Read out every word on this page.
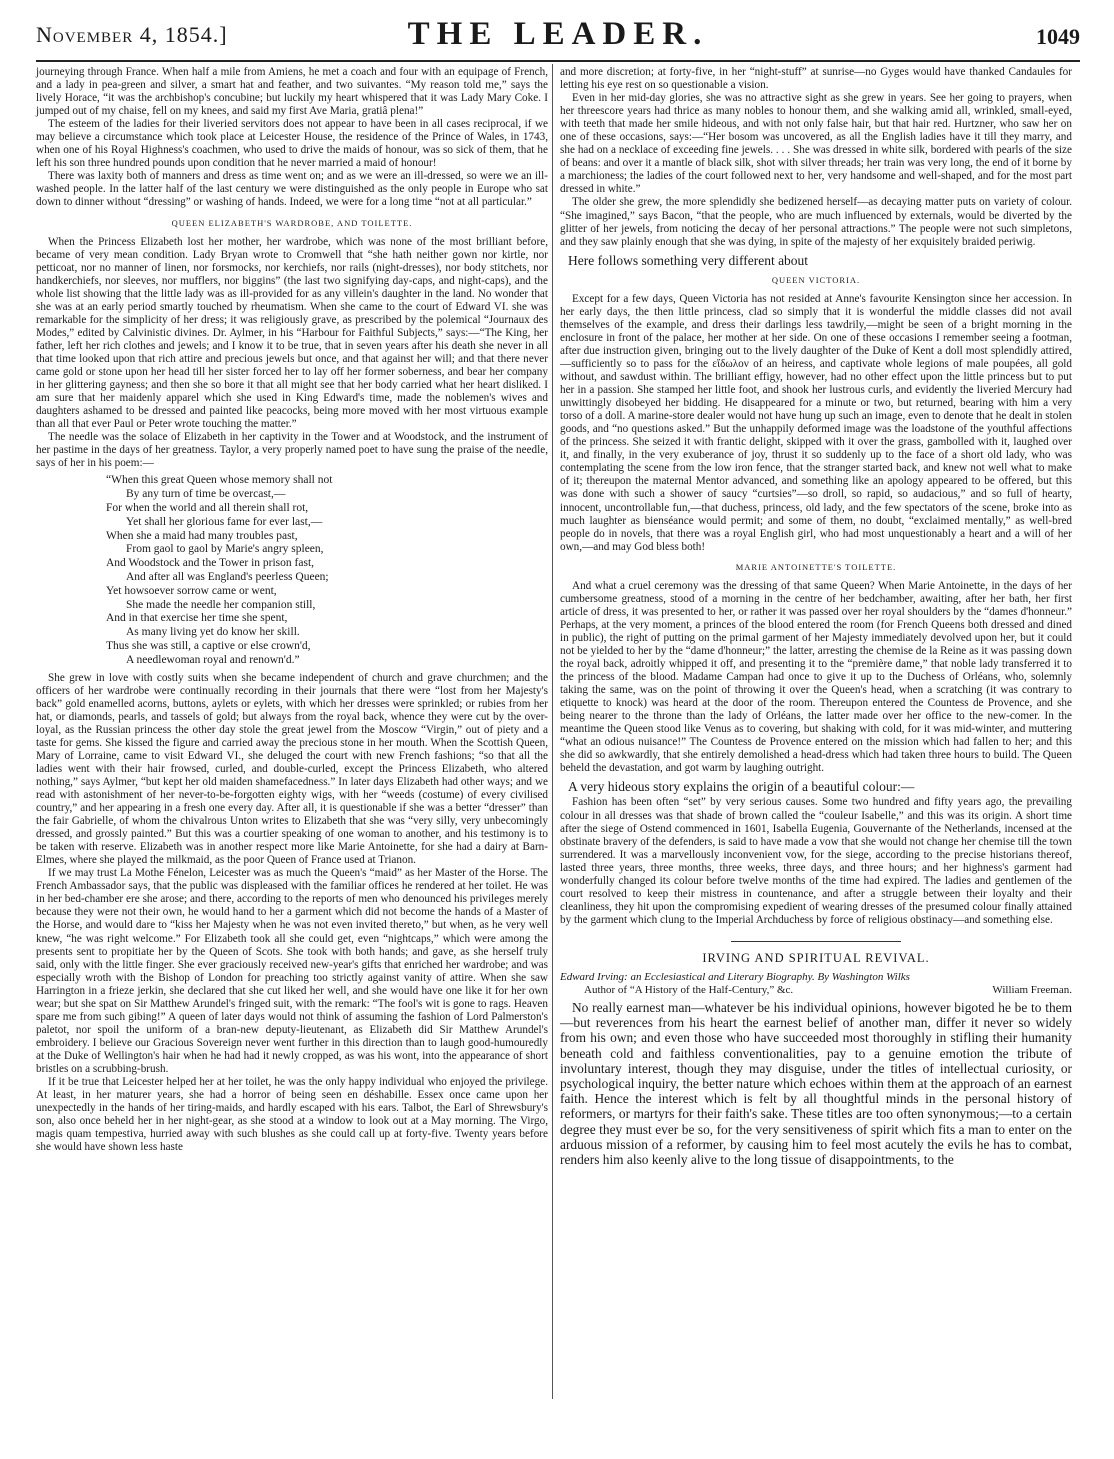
November 4, 1854.]	THE LEADER.	1049

journeying through France. When half a mile from Amiens, he met a coach and four with an equipage of French, and a lady in pea-green and silver, a smart hat and feather, and two suivantes. “My reason told me,” says the lively Horace, “it was the archbishop's concubine; but luckily my heart whispered that it was Lady Mary Coke. I jumped out of my chaise, fell on my knees, and said my first Ave Maria, gratiâ plena!”

The esteem of the ladies for their liveried servitors does not appear to have been in all cases reciprocal, if we may believe a circumstance which took place at Leicester House, the residence of the Prince of Wales, in 1743, when one of his Royal Highness's coachmen, who used to drive the maids of honour, was so sick of them, that he left his son three hundred pounds upon condition that he never married a maid of honour!

There was laxity both of manners and dress as time went on; and as we were an ill-dressed, so were we an ill-washed people. In the latter half of the last century we were distinguished as the only people in Europe who sat down to dinner without “dressing” or washing of hands. Indeed, we were for a long time “not at all particular.”

QUEEN ELIZABETH'S WARDROBE, AND TOILETTE.

When the Princess Elizabeth lost her mother, her wardrobe, which was none of the most brilliant before, became of very mean condition. Lady Bryan wrote to Cromwell that “she hath neither gown nor kirtle, nor petticoat, nor no manner of linen, nor forsmocks, nor kerchiefs, nor rails (night-dresses), nor body stitchets, nor handkerchiefs, nor sleeves, nor mufflers, nor biggins” (the last two signifying day-caps, and night-caps), and the whole list showing that the little lady was as ill-provided for as any villein's daughter in the land. No wonder that she was at an early period smartly touched by rheumatism. When she came to the court of Edward VI. she was remarkable for the simplicity of her dress; it was religiously grave, as prescribed by the polemical “Journaux des Modes,” edited by Calvinistic divines. Dr. Aylmer, in his “Harbour for Faithful Subjects,” says:—“The King, her father, left her rich clothes and jewels; and I know it to be true, that in seven years after his death she never in all that time looked upon that rich attire and precious jewels but once, and that against her will; and that there never came gold or stone upon her head till her sister forced her to lay off her former soberness, and bear her company in her glittering gayness; and then she so bore it that all might see that her body carried what her heart disliked. I am sure that her maidenly apparel which she used in King Edward's time, made the noblemen's wives and daughters ashamed to be dressed and painted like peacocks, being more moved with her most virtuous example than all that ever Paul or Peter wrote touching the matter.”

The needle was the solace of Elizabeth in her captivity in the Tower and at Woodstock, and the instrument of her pastime in the days of her greatness. Taylor, a very properly named poet to have sung the praise of the needle, says of her in his poem:—

“When this great Queen whose memory shall not
By any turn of time be overcast,—
For when the world and all therein shall rot,
Yet shall her glorious fame for ever last,—
When she a maid had many troubles past,
From gaol to gaol by Marie's angry spleen,
And Woodstock and the Tower in prison fast,
And after all was England's peerless Queen;
Yet howsoever sorrow came or went,
She made the needle her companion still,
And in that exercise her time she spent,
As many living yet do know her skill.
Thus she was still, a captive or else crown'd,
A needlewoman royal and renown'd.”

She grew in love with costly suits when she became independent of church and grave churchmen; and the officers of her wardrobe were continually recording in their journals that there were “lost from her Majesty's back” gold enamelled acorns, buttons, aylets or eylets, with which her dresses were sprinkled; or rubies from her hat, or diamonds, pearls, and tassels of gold; but always from the royal back, whence they were cut by the over-loyal, as the Russian princess the other day stole the great jewel from the Moscow “Virgin,” out of piety and a taste for gems. She kissed the figure and carried away the precious stone in her mouth. When the Scottish Queen, Mary of Lorraine, came to visit Edward VI., she deluged the court with new French fashions; “so that all the ladies went with their hair frowsed, curled, and double-curled, except the Princess Elizabeth, who altered nothing,” says Aylmer, “but kept her old maiden shamefacedness.” In later days Elizabeth had other ways; and we read with astonishment of her never-to-be-forgotten eighty wigs, with her “weeds (costume) of every civilised country,” and her appearing in a fresh one every day. After all, it is questionable if she was a better “dresser” than the fair Gabrielle, of whom the chivalrous Unton writes to Elizabeth that she was “very silly, very unbecomingly dressed, and grossly painted.” But this was a courtier speaking of one woman to another, and his testimony is to be taken with reserve. Elizabeth was in another respect more like Marie Antoinette, for she had a dairy at Barn-Elmes, where she played the milkmaid, as the poor Queen of France used at Trianon.

If we may trust La Mothe Fénelon, Leicester was as much the Queen's “maid” as her Master of the Horse. The French Ambassador says, that the public was displeased with the familiar offices he rendered at her toilet. He was in her bed-chamber ere she arose; and there, according to the reports of men who denounced his privileges merely because they were not their own, he would hand to her a garment which did not become the hands of a Master of the Horse, and would dare to “kiss her Majesty when he was not even invited thereto,” but when, as he very well knew, “he was right welcome.” For Elizabeth took all she could get, even “nightcaps,” which were among the presents sent to propitiate her by the Queen of Scots. She took with both hands; and gave, as she herself truly said, only with the little finger. She ever graciously received new-year's gifts that enriched her wardrobe; and was especially wroth with the Bishop of London for preaching too strictly against vanity of attire. When she saw Harrington in a frieze jerkin, she declared that she cut liked her well, and she would have one like it for her own wear; but she spat on Sir Matthew Arundel's fringed suit, with the remark: “The fool's wit is gone to rags. Heaven spare me from such gibing!” A queen of later days would not think of assuming the fashion of Lord Palmerston's paletot, nor spoil the uniform of a bran-new deputy-lieutenant, as Elizabeth did Sir Matthew Arundel's embroidery. I believe our Gracious Sovereign never went further in this direction than to laugh good-humouredly at the Duke of Wellington's hair when he had had it newly cropped, as was his wont, into the appearance of short bristles on a scrubbing-brush.

If it be true that Leicester helped her at her toilet, he was the only happy individual who enjoyed the privilege. At least, in her maturer years, she had a horror of being seen en déshabille. Essex once came upon her unexpectedly in the hands of her tiring-maids, and hardly escaped with his ears. Talbot, the Earl of Shrewsbury's son, also once beheld her in her night-gear, as she stood at a window to look out at a May morning. The Virgo, magis quam tempestiva, hurried away with such blushes as she could call up at forty-five. Twenty years before she would have shown less haste

and more discretion; at forty-five, in her “night-stuff” at sunrise—no Gyges would have thanked Candaules for letting his eye rest on so questionable a vision.

Even in her mid-day glories, she was no attractive sight as she grew in years. See her going to prayers, when her threescore years had thrice as many nobles to honour them, and she walking amid all, wrinkled, small-eyed, with teeth that made her smile hideous, and with not only false hair, but that hair red. Hurtzner, who saw her on one of these occasions, says:—“Her bosom was uncovered, as all the English ladies have it till they marry, and she had on a necklace of exceeding fine jewels. . . . She was dressed in white silk, bordered with pearls of the size of beans: and over it a mantle of black silk, shot with silver threads; her train was very long, the end of it borne by a marchioness; the ladies of the court followed next to her, very handsome and well-shaped, and for the most part dressed in white.”

The older she grew, the more splendidly she bedizened herself—as decaying matter puts on variety of colour. “She imagined,” says Bacon, “that the people, who are much influenced by externals, would be diverted by the glitter of her jewels, from noticing the decay of her personal attractions.” The people were not such simpletons, and they saw plainly enough that she was dying, in spite of the majesty of her exquisitely braided periwig.

Here follows something very different about
QUEEN VICTORIA.

Except for a few days, Queen Victoria has not resided at Anne's favourite Kensington since her accession. In her early days, the then little princess, clad so simply that it is wonderful the middle classes did not avail themselves of the example, and dress their darlings less tawdrily,—might be seen of a bright morning in the enclosure in front of the palace, her mother at her side. On one of these occasions I remember seeing a footman, after due instruction given, bringing out to the lively daughter of the Duke of Kent a doll most splendidly attired,—sufficiently so to pass for the εἴδωλον of an heiress, and captivate whole legions of male poupées, all gold without, and sawdust within. The brilliant effigy, however, had no other effect upon the little princess but to put her in a passion. She stamped her little foot, and shook her lustrous curls, and evidently the liveried Mercury had unwittingly disobeyed her bidding. He disappeared for a minute or two, but returned, bearing with him a very torso of a doll. A marine-store dealer would not have hung up such an image, even to denote that he dealt in stolen goods, and “no questions asked.” But the unhappily deformed image was the loadstone of the youthful affections of the princess. She seized it with frantic delight, skipped with it over the grass, gambolled with it, laughed over it, and finally, in the very exuberance of joy, thrust it so suddenly up to the face of a short old lady, who was contemplating the scene from the low iron fence, that the stranger started back, and knew not well what to make of it; thereupon the maternal Mentor advanced, and something like an apology appeared to be offered, but this was done with such a shower of saucy “curtsies”—so droll, so rapid, so audacious,” and so full of hearty, innocent, uncontrollable fun,—that duchess, princess, old lady, and the few spectators of the scene, broke into as much laughter as bienséance would permit; and some of them, no doubt, “exclaimed mentally,” as well-bred people do in novels, that there was a royal English girl, who had most unquestionably a heart and a will of her own,—and may God bless both!

MARIE ANTOINETTE'S TOILETTE.

And what a cruel ceremony was the dressing of that same Queen? When Marie Antoinette, in the days of her cumbersome greatness, stood of a morning in the centre of her bedchamber, awaiting, after her bath, her first article of dress, it was presented to her, or rather it was passed over her royal shoulders by the “dames d'honneur.” Perhaps, at the very moment, a princes of the blood entered the room (for French Queens both dressed and dined in public), the right of putting on the primal garment of her Majesty immediately devolved upon her, but it could not be yielded to her by the “dame d'honneur;” the latter, arresting the chemise de la Reine as it was passing down the royal back, adroitly whipped it off, and presenting it to the “première dame,” that noble lady transferred it to the princess of the blood. Madame Campan had once to give it up to the Duchess of Orléans, who, solemnly taking the same, was on the point of throwing it over the Queen's head, when a scratching (it was contrary to etiquette to knock) was heard at the door of the room. Thereupon entered the Countess de Provence, and she being nearer to the throne than the lady of Orléans, the latter made over her office to the new-comer. In the meantime the Queen stood like Venus as to covering, but shaking with cold, for it was mid-winter, and muttering “what an odious nuisance!” The Countess de Provence entered on the mission which had fallen to her; and this she did so awkwardly, that she entirely demolished a head-dress which had taken three hours to build. The Queen beheld the devastation, and got warm by laughing outright.

A very hideous story explains the origin of a beautiful colour:—

Fashion has been often “set” by very serious causes. Some two hundred and fifty years ago, the prevailing colour in all dresses was that shade of brown called the “couleur Isabelle,” and this was its origin. A short time after the siege of Ostend commenced in 1601, Isabella Eugenia, Gouvernante of the Netherlands, incensed at the obstinate bravery of the defenders, is said to have made a vow that she would not change her chemise till the town surrendered. It was a marvellously inconvenient vow, for the siege, according to the precise historians thereof, lasted three years, three months, three weeks, three days, and three hours; and her highness's garment had wonderfully changed its colour before twelve months of the time had expired. The ladies and gentlemen of the court resolved to keep their mistress in countenance, and after a struggle between their loyalty and their cleanliness, they hit upon the compromising expedient of wearing dresses of the presumed colour finally attained by the garment which clung to the Imperial Archduchess by force of religious obstinacy—and something else.

IRVING AND SPIRITUAL REVIVAL.
Edward Irving: an Ecclesiastical and Literary Biography. By Washington Wilks
Author of “A History of the Half-Century,” &c.	William Freeman.

No really earnest man—whatever be his individual opinions, however bigoted he be to them—but reverences from his heart the earnest belief of another man, differ it never so widely from his own; and even those who have succeeded most thoroughly in stifling their humanity beneath cold and faithless conventionalities, pay to a genuine emotion the tribute of involuntary interest, though they may disguise, under the titles of intellectual curiosity, or psychological inquiry, the better nature which echoes within them at the approach of an earnest faith. Hence the interest which is felt by all thoughtful minds in the personal history of reformers, or martyrs for their faith's sake. These titles are too often synonymous;—to a certain degree they must ever be so, for the very sensitiveness of spirit which fits a man to enter on the arduous mission of a reformer, by causing him to feel most acutely the evils he has to combat, renders him also keenly alive to the long tissue of disappointments, to the
